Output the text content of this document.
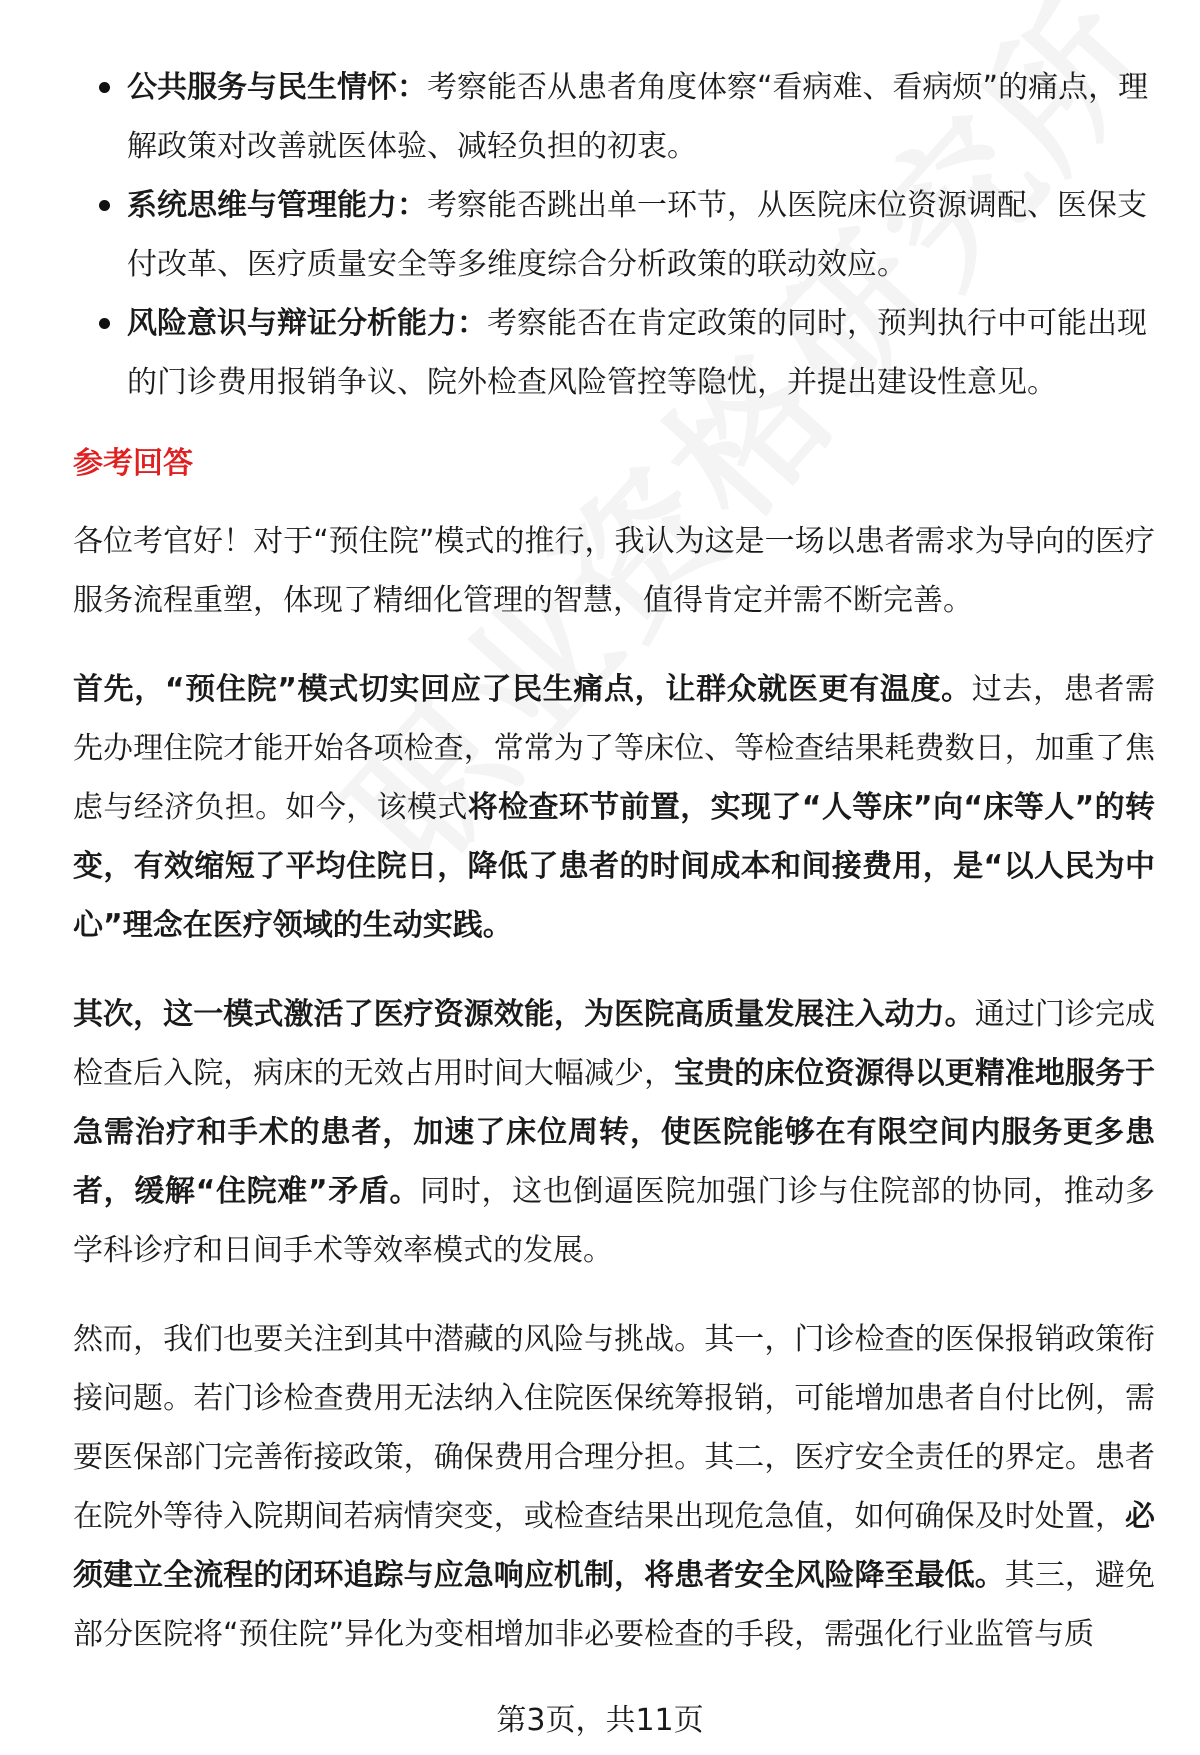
公共服务与民生情怀：考察能否从患者角度体察“看病难、看病烦”的痛点，理解政策对改善就医体验、减轻负担的初衷。
系统思维与管理能力：考察能否跳出单一环节，从医院床位资源调配、医保支付改革、医疗质量安全等多维度综合分析政策的联动效应。
风险意识与辩证分析能力：考察能否在肯定政策的同时，预判执行中可能出现的门诊费用报销争议、院外检查风险管控等隐忧，并提出建设性意见。
参考回答

各位考官好！对于“预住院”模式的推行，我认为这是一场以患者需求为导向的医疗服务流程重塑，体现了精细化管理的智慧，值得肯定并需不断完善。

首先，“预住院”模式切实回应了民生痛点，让群众就医更有温度。过去，患者需先办理住院才能开始各项检查，常常为了等床位、等检查结果耗费数日，加重了焦虑与经济负担。如今，该模式将检查环节前置，实现了“人等床”向“床等人”的转变，有效缩短了平均住院日，降低了患者的时间成本和间接费用，是“以人民为中心”理念在医疗领域的生动实践。

其次，这一模式激活了医疗资源效能，为医院高质量发展注入动力。通过门诊完成检查后入院，病床的无效占用时间大幅减少，宝贵的床位资源得以更精准地服务于急需治疗和手术的患者，加速了床位周转，使医院能够在有限空间内服务更多患者，缓解“住院难”矛盾。同时，这也倒逼医院加强门诊与住院部的协同，推动多学科诊疗和日间手术等效率模式的发展。

然而，我们也要关注到其中潜藏的风险与挑战。其一，门诊检查的医保报销政策衔接问题。若门诊检查费用无法纳入住院医保统筹报销，可能增加患者自付比例，需要医保部门完善衔接政策，确保费用合理分担。其二，医疗安全责任的界定。患者在院外等待入院期间若病情突变，或检查结果出现危急值，如何确保及时处置，必须建立全流程的闭环追踪与应急响应机制，将患者安全风险降至最低。其三，避免部分医院将“预住院”异化为变相增加非必要检查的手段，需强化行业监管与质

第3页，共11页
